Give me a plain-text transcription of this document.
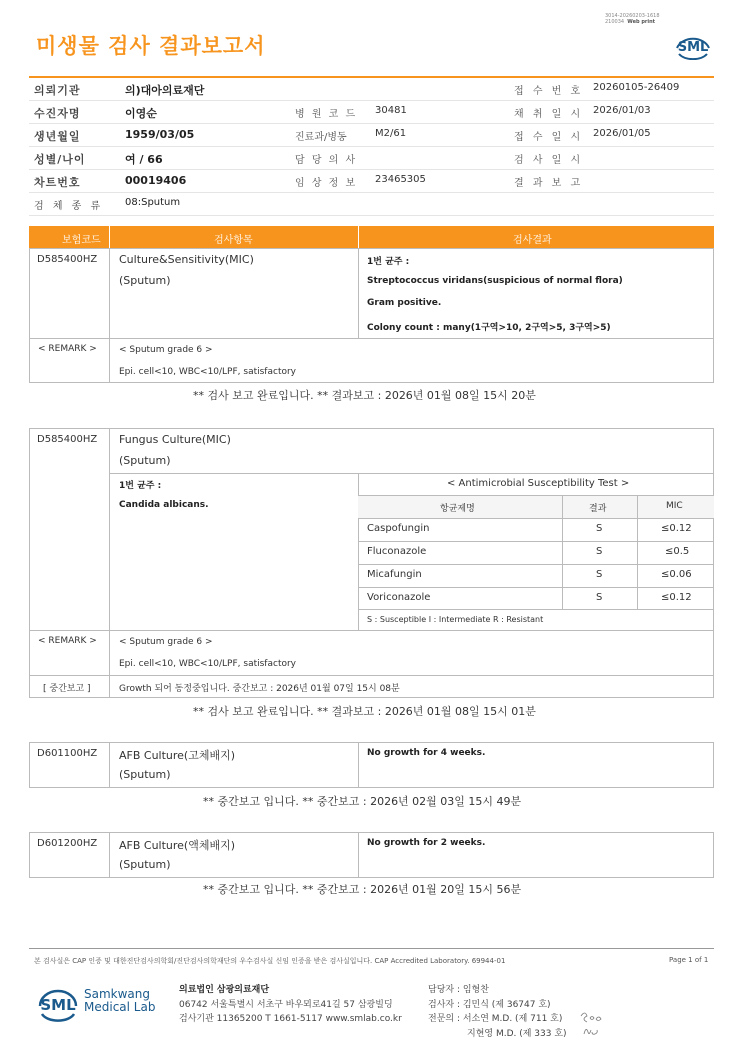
미생물 검사 결과보고서
3014-20260203-1618
210034 Web print
SML
의뢰기관	의)대아의료재단	접 수 번 호 20260105-26409
수진자명	이영순	병 원 코 드 30481	채 취 일 시 2026/01/03
생년월일	1959/03/05	진료과/병동	M2/61	접 수 일 시 2026/01/05
성별/나이	여 / 66	담 당 의 사	검 사 일 시
차트번호	00019406	임 상 정 보 23465305	결 과 보 고
검 체 종 류 08:Sputum
보험코드	검사항목	검사결과
D585400HZ Culture&Sensitivity(MIC)
(Sputum)
1번 균주 :
Streptococcus viridans(suspicious of normal flora)
Gram positive.
Colony count : many(1구역>10, 2구역>5, 3구역>5)
< REMARK > < Sputum grade 6 >
Epi. cell<10, WBC<10/LPF, satisfactory
** 검사 보고 완료입니다. ** 결과보고 : 2026년 01월 08일 15시 20분
D585400HZ Fungus Culture(MIC)
(Sputum)
1번 균주 :
Candida albicans.
< Antimicrobial Susceptibility Test >
항균제명	결과	MIC
Caspofungin	S	≤0.12
Fluconazole	S	≤0.5
Micafungin	S	≤0.06
Voriconazole	S	≤0.12
S : Susceptible I : Intermediate R : Resistant
< REMARK > < Sputum grade 6 >
Epi. cell<10, WBC<10/LPF, satisfactory
[ 중간보고 ]	Growth 되어 동정중입니다. 중간보고 : 2026년 01월 07일 15시 08분
** 검사 보고 완료입니다. ** 결과보고 : 2026년 01월 08일 15시 01분
D601100HZ AFB Culture(고체배지)
(Sputum)
No growth for 4 weeks.
** 중간보고 입니다. ** 중간보고 : 2026년 02월 03일 15시 49분
D601200HZ AFB Culture(액체배지)
(Sputum)
No growth for 2 weeks.
** 중간보고 입니다. ** 중간보고 : 2026년 01월 20일 15시 56분
본 검사실은 CAP 인증 및 대한진단검사의학회/진단검사의학재단의 우수검사실 신임 인증을 받은 검사실입니다. CAP Accredited Laboratory. 69944-01	Page 1 of 1
SML
Samkwang
Medical Lab
의료법인 삼광의료재단
06742 서울특별시 서초구 바우뫼로41길 57 삼광빌딩
검사기관 11365200 T 1661-5117 www.smlab.co.kr
담당자 : 임형찬
검사자 : 김민식 (제 36747 호)
전문의 : 서소연 M.D. (제 711 호)
지현영 M.D. (제 333 호)
